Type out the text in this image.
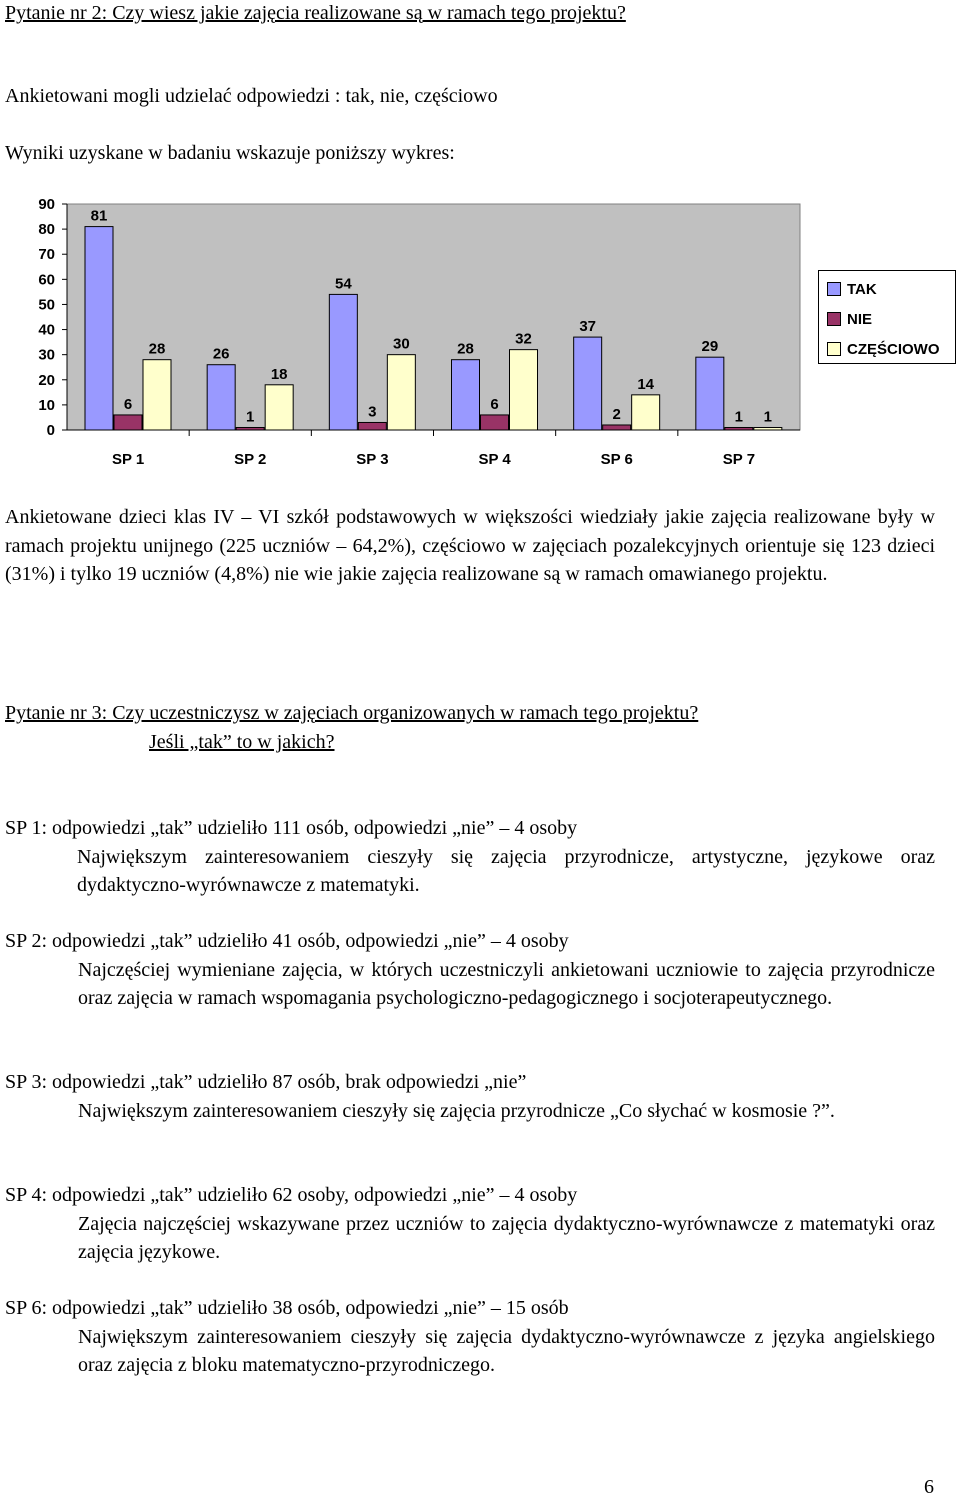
Pytanie nr 2: Czy wiesz jakie zajęcia realizowane są w ramach tego projektu?
Ankietowani mogli udzielać odpowiedzi : tak, nie, częściowo
Wyniki uzyskane w badaniu wskazuje poniższy wykres:
0
10
20
30
40
50
60
70
80
90
81
6
28
SP 1
26
1
18
SP 2
54
3
30
SP 3
28
6
32
SP 4
37
2
14
SP 6
29
1 1
SP 7
TAK
NIE
CZĘŚCIOWO
Ankietowane dzieci klas IV – VI szkół podstawowych w większości wiedziały jakie zajęcia realizowane były w ramach projektu unijnego (225 uczniów – 64,2%), częściowo w zajęciach pozalekcyjnych orientuje się 123 dzieci (31%) i tylko 19 uczniów (4,8%) nie wie jakie zajęcia realizowane są w ramach omawianego projektu.
Pytanie nr 3: Czy uczestniczysz w zajęciach organizowanych w ramach tego projektu?
Jeśli „tak” to w jakich?
SP 1: odpowiedzi „tak” udzieliło 111 osób, odpowiedzi „nie” – 4 osoby
Największym zainteresowaniem cieszyły się zajęcia przyrodnicze, artystyczne, językowe oraz dydaktyczno-wyrównawcze z matematyki.
SP 2: odpowiedzi „tak” udzieliło 41 osób, odpowiedzi „nie” – 4 osoby
Najczęściej wymieniane zajęcia, w których uczestniczyli ankietowani uczniowie to zajęcia przyrodnicze oraz zajęcia w ramach wspomagania psychologiczno-pedagogicznego i socjoterapeutycznego.
SP 3: odpowiedzi „tak” udzieliło 87 osób, brak odpowiedzi „nie”
Największym zainteresowaniem cieszyły się zajęcia przyrodnicze „Co słychać w kosmosie ?”.
SP 4: odpowiedzi „tak” udzieliło 62 osoby, odpowiedzi „nie” – 4 osoby
Zajęcia najczęściej wskazywane przez uczniów to zajęcia dydaktyczno-wyrównawcze z matematyki oraz zajęcia językowe.
SP 6: odpowiedzi „tak” udzieliło 38 osób, odpowiedzi „nie” – 15 osób
Największym zainteresowaniem cieszyły się zajęcia dydaktyczno-wyrównawcze z języka angielskiego oraz zajęcia z bloku matematyczno-przyrodniczego.
6
